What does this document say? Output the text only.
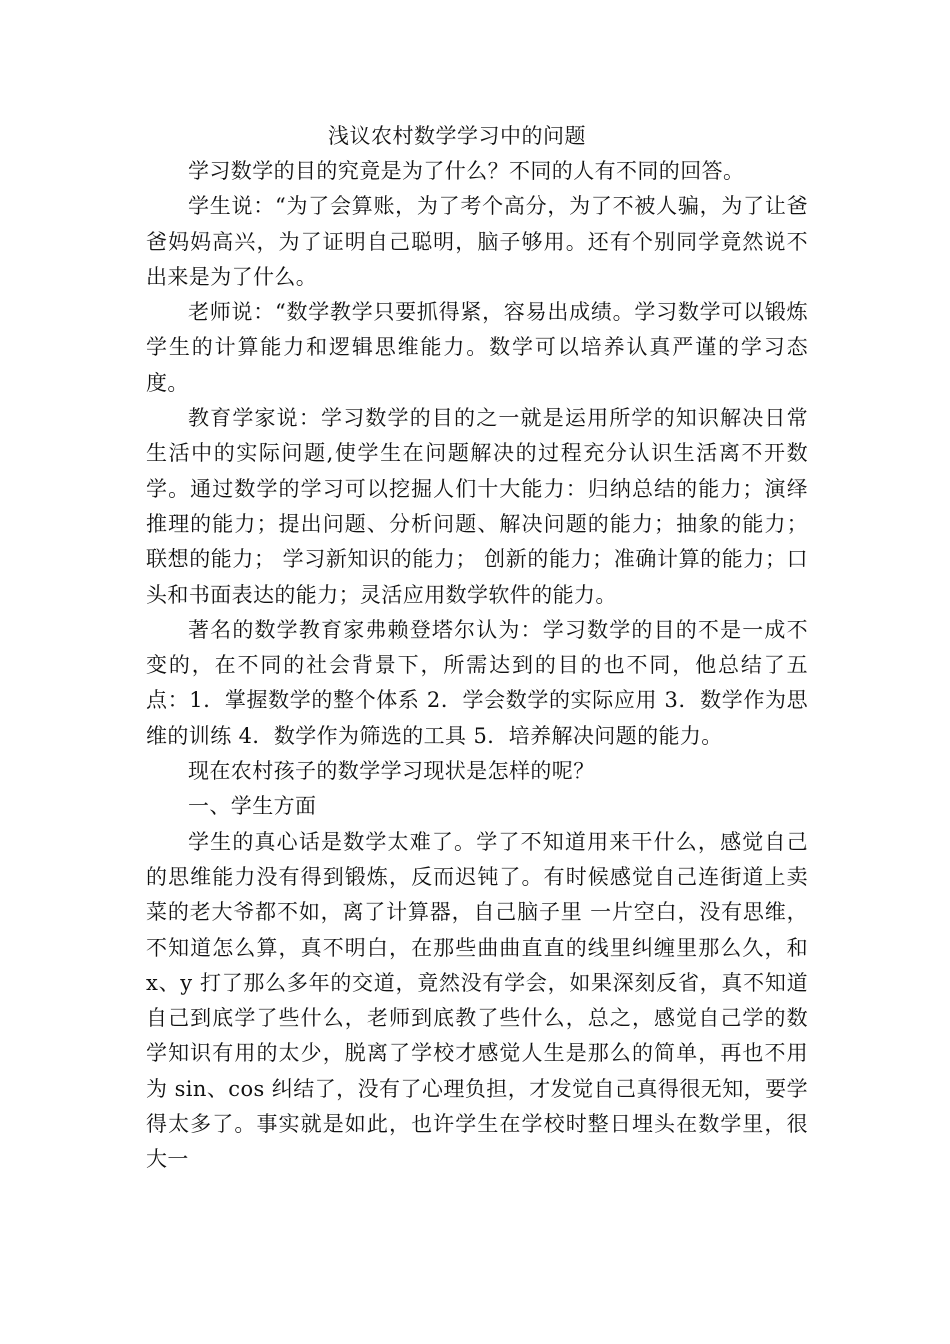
浅议农村数学学习中的问题

学习数学的目的究竟是为了什么？不同的人有不同的回答。

学生说：“为了会算账，为了考个高分，为了不被人骗，为了让爸爸妈妈高兴，为了证明自己聪明，脑子够用。还有个别同学竟然说不出来是为了什么。

老师说：“数学教学只要抓得紧，容易出成绩。学习数学可以锻炼学生的计算能力和逻辑思维能力。数学可以培养认真严谨的学习态度。

教育学家说：学习数学的目的之一就是运用所学的知识解决日常生活中的实际问题,使学生在问题解决的过程充分认识生活离不开数学。通过数学的学习可以挖掘人们十大能力：归纳总结的能力；演绎推理的能力；提出问题、分析问题、解决问题的能力；抽象的能力；联想的能力； 学习新知识的能力； 创新的能力；准确计算的能力；口头和书面表达的能力；灵活应用数学软件的能力。

著名的数学教育家弗赖登塔尔认为：学习数学的目的不是一成不变的，在不同的社会背景下，所需达到的目的也不同，他总结了五点：1．掌握数学的整个体系 2．学会数学的实际应用 3．数学作为思维的训练 4．数学作为筛选的工具 5．培养解决问题的能力。

现在农村孩子的数学学习现状是怎样的呢？

一、学生方面

学生的真心话是数学太难了。学了不知道用来干什么，感觉自己的思维能力没有得到锻炼，反而迟钝了。有时候感觉自己连街道上卖菜的老大爷都不如，离了计算器，自己脑子里 一片空白，没有思维，不知道怎么算，真不明白，在那些曲曲直直的线里纠缠里那么久，和 x、y 打了那么多年的交道，竟然没有学会，如果深刻反省，真不知道自己到底学了些什么，老师到底教了些什么，总之，感觉自己学的数学知识有用的太少，脱离了学校才感觉人生是那么的简单，再也不用为 sin、cos 纠结了，没有了心理负担，才发觉自己真得很无知，要学得太多了。事实就是如此，也许学生在学校时整日埋头在数学里，很大一
